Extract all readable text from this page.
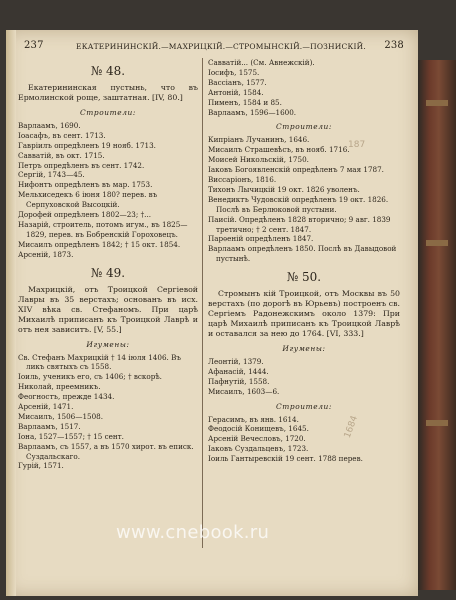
237	ЕКАТЕРИНИНСКІЙ.—МАХРИЦКІЙ.—СТРОМЫНСКІЙ.—ПОЗНИСКІЙ. 238
№ 48.
Екатерининская пустынь, что въ Ермолинской роще, заштатная. [IV, 80.]
Строители:
Варлаамъ, 1690.
Іоасафъ, въ сент. 1713.
Гавріилъ опредѣленъ 19 нояб. 1713.
Савватій, въ окт. 1715.
Петръ опредѣленъ въ сент. 1742.
Сергій, 1743—45.
Нифонтъ опредѣленъ въ мар. 1753.
Мельхиседекъ 6 іюня 180? перев. въ Серпуховской Высоцкій.
Дорофей опредѣленъ 1802—23; †...
Назарій, строитель, потомъ игум., въ 1825—1829, перев. въ Бобренскій Гороховецъ.
Мисаилъ опредѣленъ 1842; † 15 окт. 1854.
Арсеній, 1873.
№ 49.
Махрицкій, отъ Троицкой Сергіевой Лавры въ 35 верстахъ; основанъ въ исх. XIV вѣка св. Стефаномъ. При царѣ Михаилѣ приписанъ къ Троицкой Лаврѣ и отъ нея зависитъ. [V, 55.]
Игумены:
Св. Стефанъ Махрицкій † 14 іюля 1406. Въ ликъ святыхъ съ 1558.
Іоиль, ученикъ его, съ 1406; † вскорѣ.
Николай, преемникъ.
Феогностъ, прежде 1434.
Арсеній, 1471.
Мисаилъ, 1506—1508.
Варлаамъ, 1517.
Іона, 1527—1557; † 15 сент.
Варлаамъ, съ 1557, а въ 1570 хирот. въ еписк. Суздальскаго.
Гурій, 1571.
Савватій... (См. Авнежскій).
Іосифъ, 1575.
Вассіанъ, 1577.
Антоній, 1584.
Пименъ, 1584 и 85.
Варлаамъ, 1596—1600.
Строители:
Кипріанъ Лучанинъ, 1646.
Мисаилъ Страшевѣсъ, въ нояб. 1716.
Моисей Никольскій, 1750.
Іаковъ Богоявленскій опредѣленъ 7 мая 1787.
Виссаріонъ, 1816.
Тихонъ Лычицкій 19 окт. 1826 уволенъ.
Венедиктъ Чудовскій опредѣленъ 19 окт. 1826. Послѣ въ Берлюковой пустыни.
Паисій. Опредѣленъ 1828 вторично; 9 авг. 1839 третично; † 2 сент. 1847.
Парѳеній опредѣленъ 1847.
Варлаамъ опредѣленъ 1850. Послѣ въ Давыдовой пустынѣ.
№ 50.
Стромынъ кій Троицкой, отъ Москвы въ 50 верстахъ (по дорогѣ въ Юрьевъ) построенъ св. Сергіемъ Радонежскимъ около 1379: При царѣ Михаилѣ приписанъ къ Троицкой Лаврѣ и оставался за нею до 1764. [VI, 333.]
Игумены:
Леонтій, 1379.
Афанасій, 1444.
Пафнутій, 1558.
Мисаилъ, 1603—6.
Строители:
Герасимъ, въ янв. 1614.
Феодосій Конищевъ, 1645.
Арсеній Вечесловъ, 1720.
Іаковъ Суздальцевъ, 1723.
Іоиль Гантыревскій 19 сент. 1788 перев.
187
1684
www.cnebook.ru
